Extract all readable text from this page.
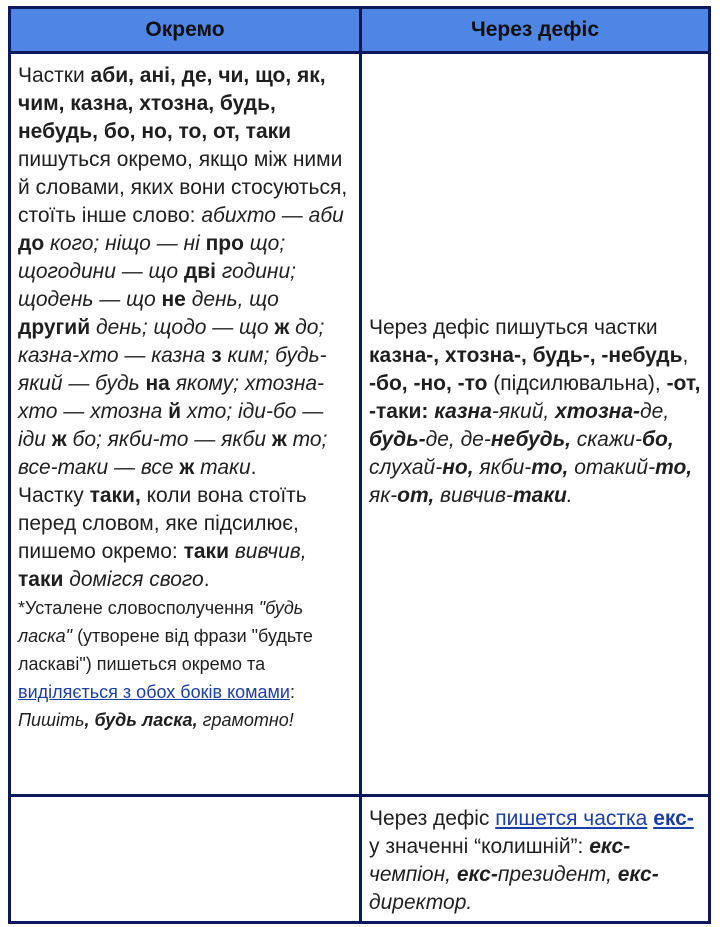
Окремо	Через дефіс

Частки аби, ані, де, чи, що, як, чим, казна, хтозна, будь, небудь, бо, но, то, от, таки пишуться окремо, якщо між ними й словами, яких вони стосуються, стоїть інше слово: абихто — аби до кого; ніщо — ні про що; щогодини — що дві години; щодень — що не день, що другий день; щодо — що ж до; казна-хто — казна з ким; будь-який — будь на якому; хтозна-хто — хтозна й хто; іди-бо — іди ж бо; якби-то — якби ж то; все-таки — все ж таки.

Частку таки, коли вона стоїть перед словом, яке підсилює, пишемо окремо: таки вивчив, таки домігся свого.

*Усталене словосполучення "будь ласка" (утворене від фрази "будьте ласкаві") пишеться окремо та виділяється з обох боків комами: Пишіть, будь ласка, грамотно!

Через дефіс пишуться частки казна-, хтозна-, будь-, -небудь, -бо, -но, -то (підсилювальна), -от, -таки: казна-який, хтозна-де, будь-де, де-небудь, скажи-бо, слухай-но, якби-то, отакий-то, як-от, вивчив-таки.

Через дефіс пишется частка екс- у значенні “колишній”: екс-чемпіон, екс-президент, екс-директор.
